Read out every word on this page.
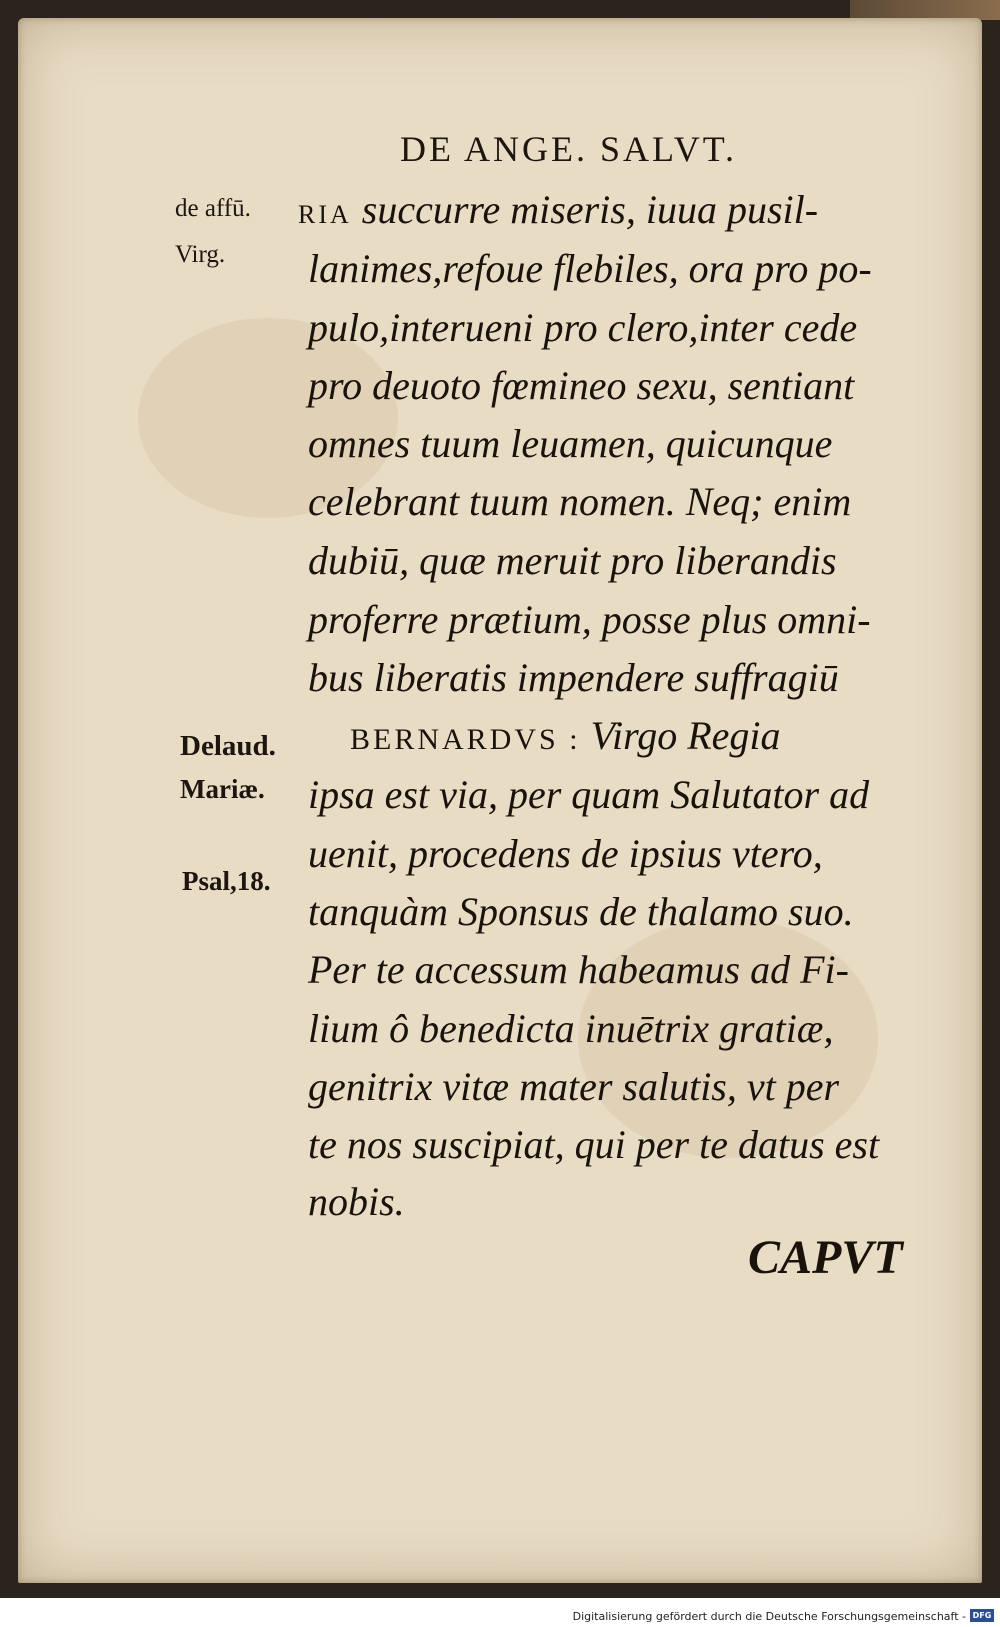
DE ANGE. SALVT.
de affū.
Virg.
Delaud.
Mariæ.
Psal,18.
RIA succurre miseris, iuua pusil-
lanimes,refoue flebiles, ora pro po-
pulo,interueni pro clero,inter cede
pro deuoto fœmineo sexu, sentiant
omnes tuum leuamen, quicunque
celebrant tuum nomen. Neq; enim
dubiū, quæ meruit pro liberandis
proferre prætium, posse plus omni-
bus liberatis impendere suffragiū
BERNARDVS : Virgo Regia
ipsa est via, per quam Salutator ad
uenit, procedens de ipsius vtero,
tanquàm Sponsus de thalamo suo.
Per te accessum habeamus ad Fi-
lium ô benedicta inuētrix gratiæ,
genitrix vitæ mater salutis, vt per
te nos suscipiat, qui per te datus est
nobis.
CAPVT
Digitalisierung gefördert durch die Deutsche Forschungsgemeinschaft - DFG
